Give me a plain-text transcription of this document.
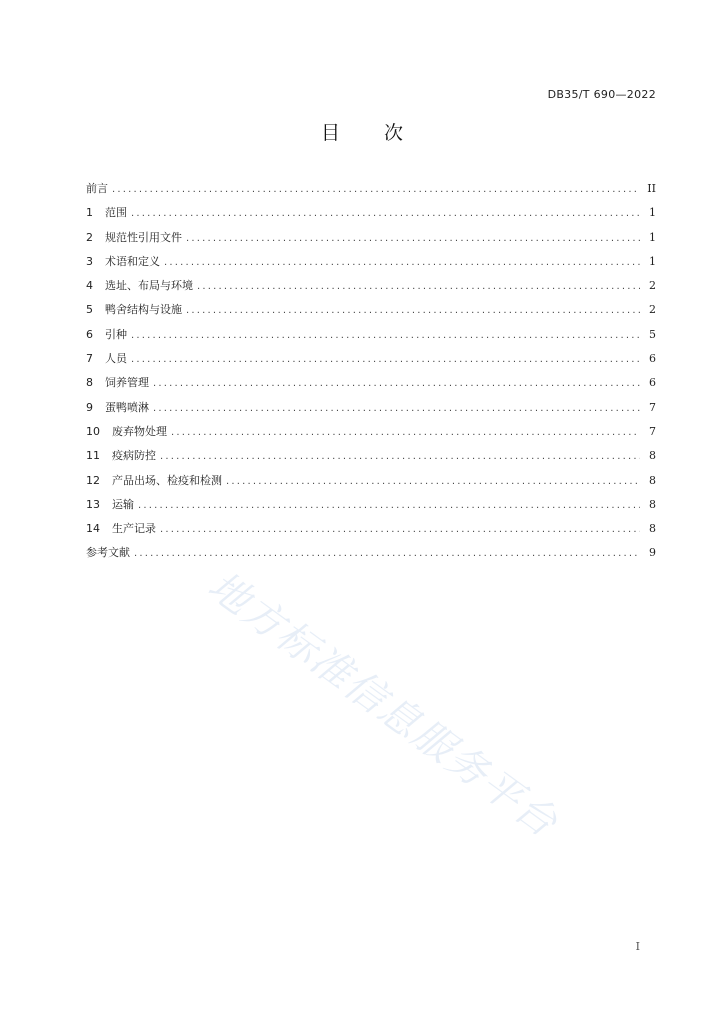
DB35/T 690—2022
目 次
前言 .....	II
1	范围 .....	1
2	规范性引用文件 .....	1
3	术语和定义 .....	1
4	选址、布局与环境 .....	2
5	鸭舍结构与设施 .....	2
6	引种 .....	5
7	人员 .....	6
8	饲养管理 .....	6
9	蛋鸭喷淋 .....	7
10	废弃物处理 .....	7
11	疫病防控 .....	8
12	产品出场、检疫和检测 .....	8
13	运输 .....	8
14	生产记录 .....	8
参考文献 .....	9
地方标准信息服务平台
I
